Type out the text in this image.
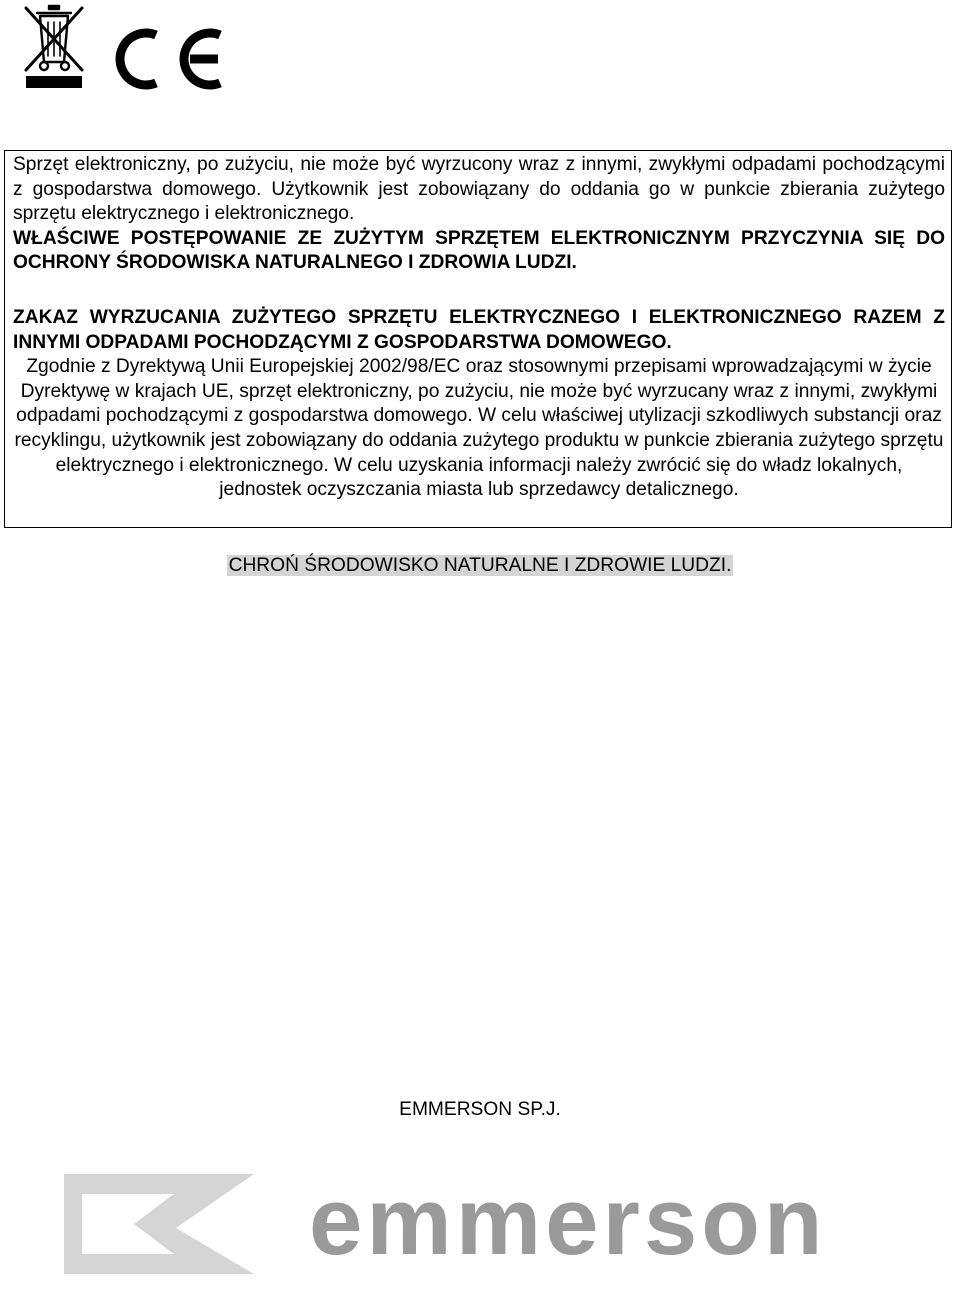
CE

Sprzęt elektroniczny, po zużyciu, nie może być wyrzucony wraz z innymi, zwykłymi odpadami pochodzącymi z gospodarstwa domowego. Użytkownik jest zobowiązany do oddania go w punkcie zbierania zużytego sprzętu elektrycznego i elektronicznego.

WŁAŚCIWE POSTĘPOWANIE ZE ZUŻYTYM SPRZĘTEM ELEKTRONICZNYM PRZYCZYNIA SIĘ DO OCHRONY ŚRODOWISKA NATURALNEGO I ZDROWIA LUDZI.

ZAKAZ WYRZUCANIA ZUŻYTEGO SPRZĘTU ELEKTRYCZNEGO I ELEKTRONICZNEGO RAZEM Z INNYMI ODPADAMI POCHODZĄCYMI Z GOSPODARSTWA DOMOWEGO.

Zgodnie z Dyrektywą Unii Europejskiej 2002/98/EC oraz stosownymi przepisami wprowadzającymi w życie Dyrektywę w krajach UE, sprzęt elektroniczny, po zużyciu, nie może być wyrzucany wraz z innymi, zwykłymi odpadami pochodzącymi z gospodarstwa domowego. W celu właściwej utylizacji szkodliwych substancji oraz recyklingu, użytkownik jest zobowiązany do oddania zużytego produktu w punkcie zbierania zużytego sprzętu elektrycznego i elektronicznego. W celu uzyskania informacji należy zwrócić się do władz lokalnych, jednostek oczyszczania miasta lub sprzedawcy detalicznego.

CHROŃ ŚRODOWISKO NATURALNE I ZDROWIE LUDZI.
EMMERSON SP.J.
emmerson
